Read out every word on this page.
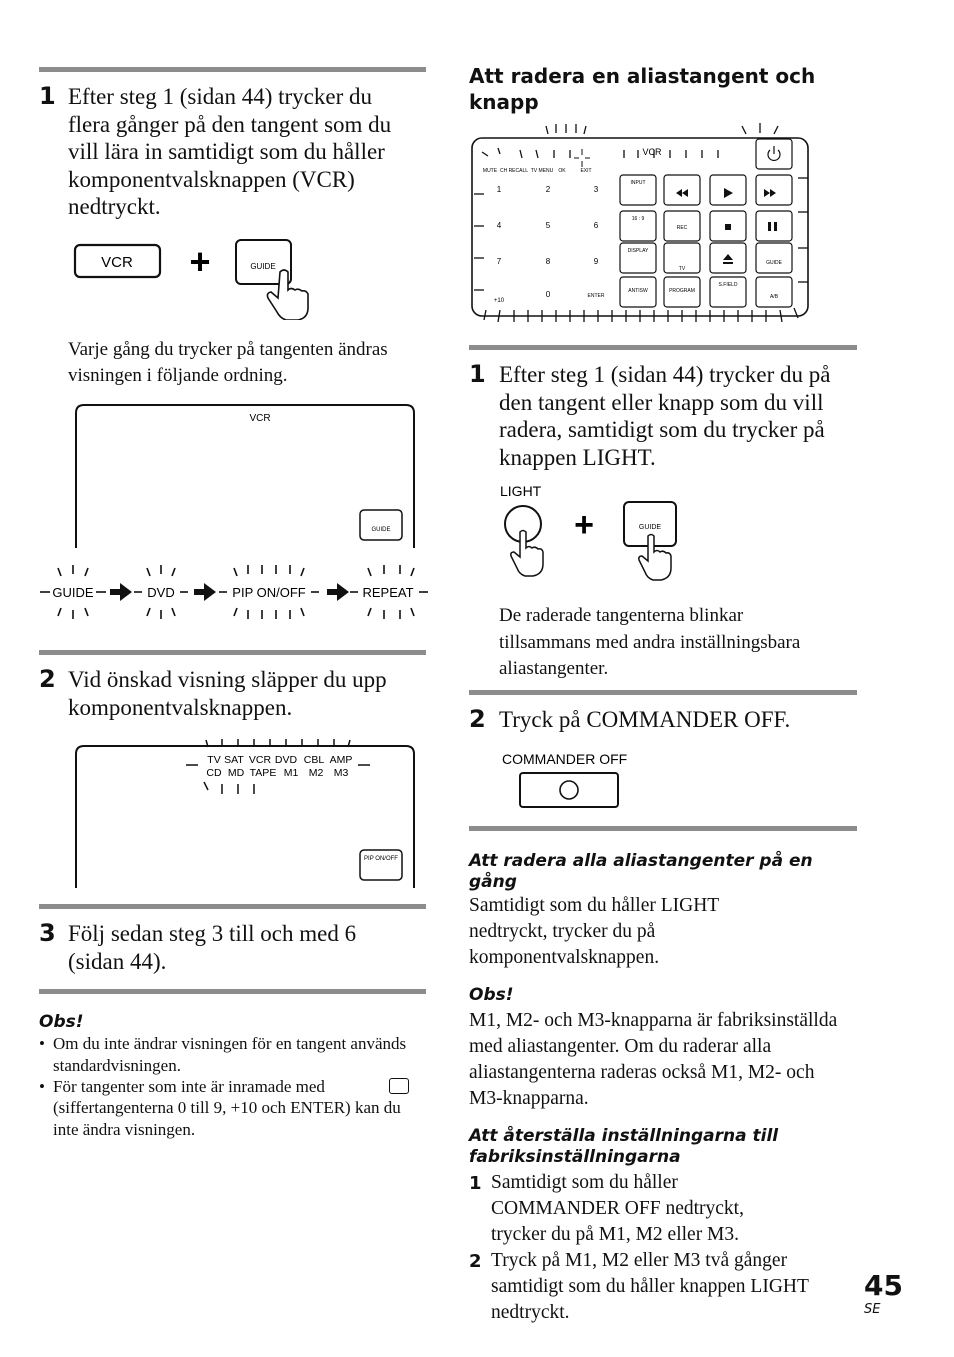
1 Efter steg 1 (sidan 44) trycker du flera gånger på den tangent som du vill lära in samtidigt som du håller komponentvalsknappen (VCR) nedtryckt.
VCR +	GUIDE
Varje gång du trycker på tangenten ändras visningen i följande ordning.
VCR
GUIDE
GUIDE	DVD	PIP ON/OFF	REPEAT
2 Vid önskad visning släpper du upp komponentvalsknappen.
TV SAT VCR DVD CBL AMP
CD MD TAPE M1 M2 M3
PIP ON/OFF
3 Följ sedan steg 3 till och med 6 (sidan 44).
Obs!
• Om du inte ändrar visningen för en tangent används standardvisningen.
• För tangenter som inte är inramade med
(siffertangenterna 0 till 9, +10 och ENTER) kan du inte ändra visningen.
Att radera en aliastangent och knapp
VCR
MUTE CH RECALL TV MENU OK	EXIT
1	2	3
4	5	6
7	8	9
+10
0	ENTER
INPUT
16 : 9
DISPLAY
TV
ANTISW	PROGRAM
S.FIELD
REC
GUIDE
A/B
1 Efter steg 1 (sidan 44) trycker du på den tangent eller knapp som du vill radera, samtidigt som du trycker på knappen LIGHT.
LIGHT
+	GUIDE
De raderade tangenterna blinkar tillsammans med andra inställningsbara aliastangenter.
2 Tryck på COMMANDER OFF.
COMMANDER OFF
Att radera alla aliastangenter på en gång
Samtidigt som du håller LIGHT nedtryckt, trycker du på komponentvalsknappen.
Obs!
M1, M2- och M3-knapparna är fabriksinställda med aliastangenter. Om du raderar alla aliastangenterna raderas också M1, M2- och M3-knapparna.
Att återställa inställningarna till fabriksinställningarna
1 Samtidigt som du håller COMMANDER OFF nedtryckt, trycker du på M1, M2 eller M3.
2 Tryck på M1, M2 eller M3 två gånger samtidigt som du håller knappen LIGHT nedtryckt.
45
SE
